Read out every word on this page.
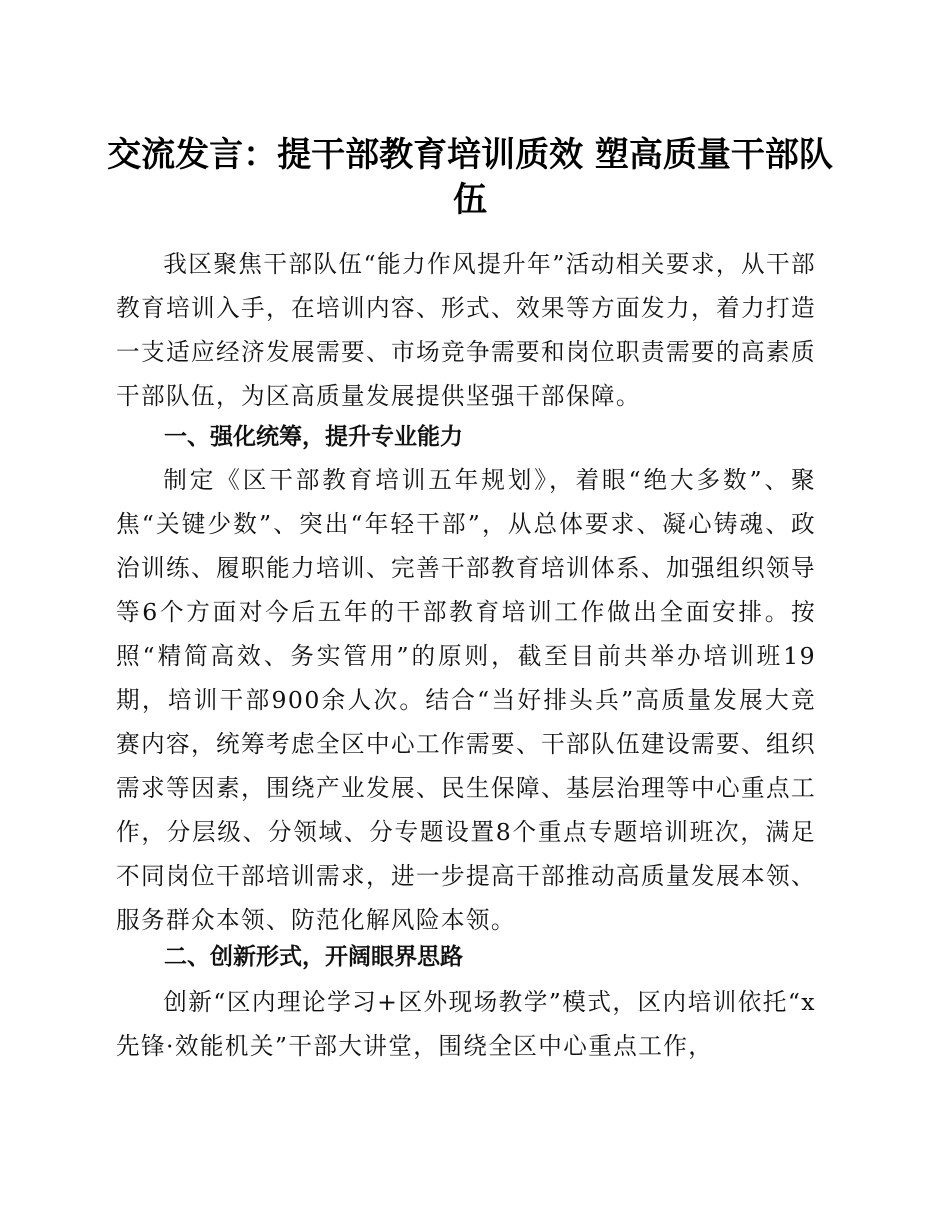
交流发言：提干部教育培训质效 塑高质量干部队伍

我区聚焦干部队伍“能力作风提升年”活动相关要求，从干部教育培训入手，在培训内容、形式、效果等方面发力，着力打造一支适应经济发展需要、市场竞争需要和岗位职责需要的高素质干部队伍，为区高质量发展提供坚强干部保障。

一、强化统筹，提升专业能力

制定《区干部教育培训五年规划》，着眼“绝大多数”、聚焦“关键少数”、突出“年轻干部”，从总体要求、凝心铸魂、政治训练、履职能力培训、完善干部教育培训体系、加强组织领导等6个方面对今后五年的干部教育培训工作做出全面安排。按照“精简高效、务实管用”的原则，截至目前共举办培训班19期，培训干部900余人次。结合“当好排头兵”高质量发展大竞赛内容，统筹考虑全区中心工作需要、干部队伍建设需要、组织需求等因素，围绕产业发展、民生保障、基层治理等中心重点工作，分层级、分领域、分专题设置8个重点专题培训班次，满足不同岗位干部培训需求，进一步提高干部推动高质量发展本领、服务群众本领、防范化解风险本领。

二、创新形式，开阔眼界思路

创新“区内理论学习+区外现场教学”模式，区内培训依托“x先锋·效能机关”干部大讲堂，围绕全区中心重点工作，
